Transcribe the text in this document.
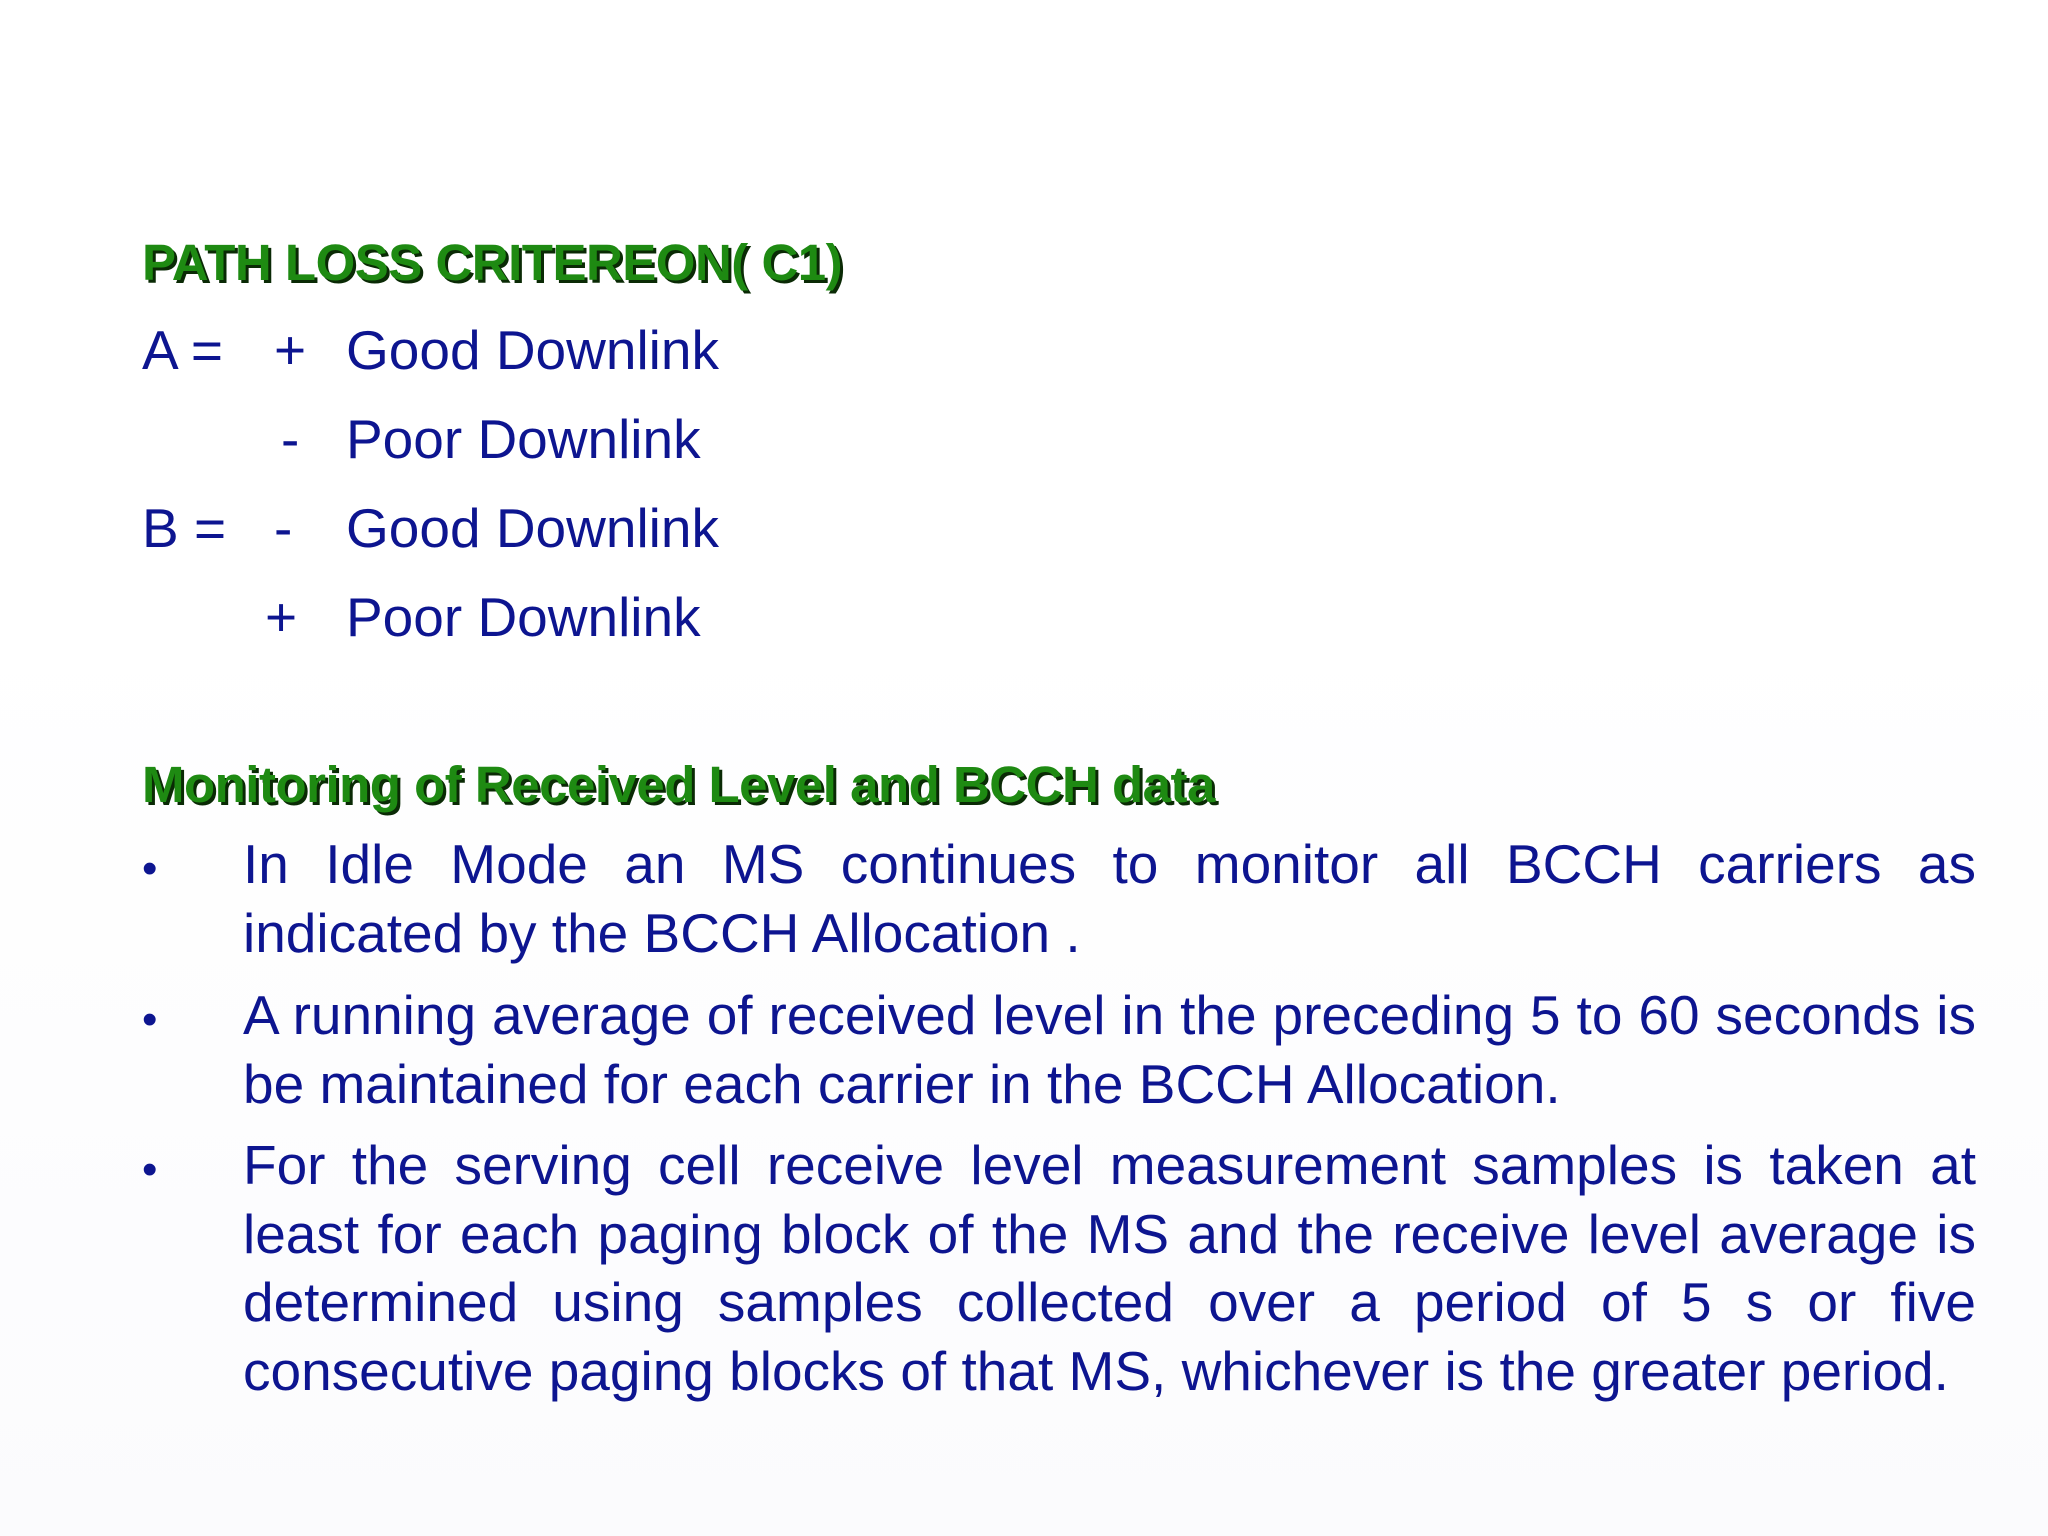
PATH LOSS CRITEREON( C1)
A = + Good Downlink
- Poor Downlink
B = - Good Downlink
+ Poor Downlink
Monitoring of Received Level and BCCH data
• In Idle Mode an MS continues to monitor all BCCH carriers as indicated by the BCCH Allocation .
• A running average of received level in the preceding 5 to 60 seconds is be maintained for each carrier in the BCCH Allocation.
• For the serving cell receive level measurement samples is taken at least for each paging block of the MS and the receive level average is determined using samples collected over a period of 5 s or five consecutive paging blocks of that MS, whichever is the greater period.
